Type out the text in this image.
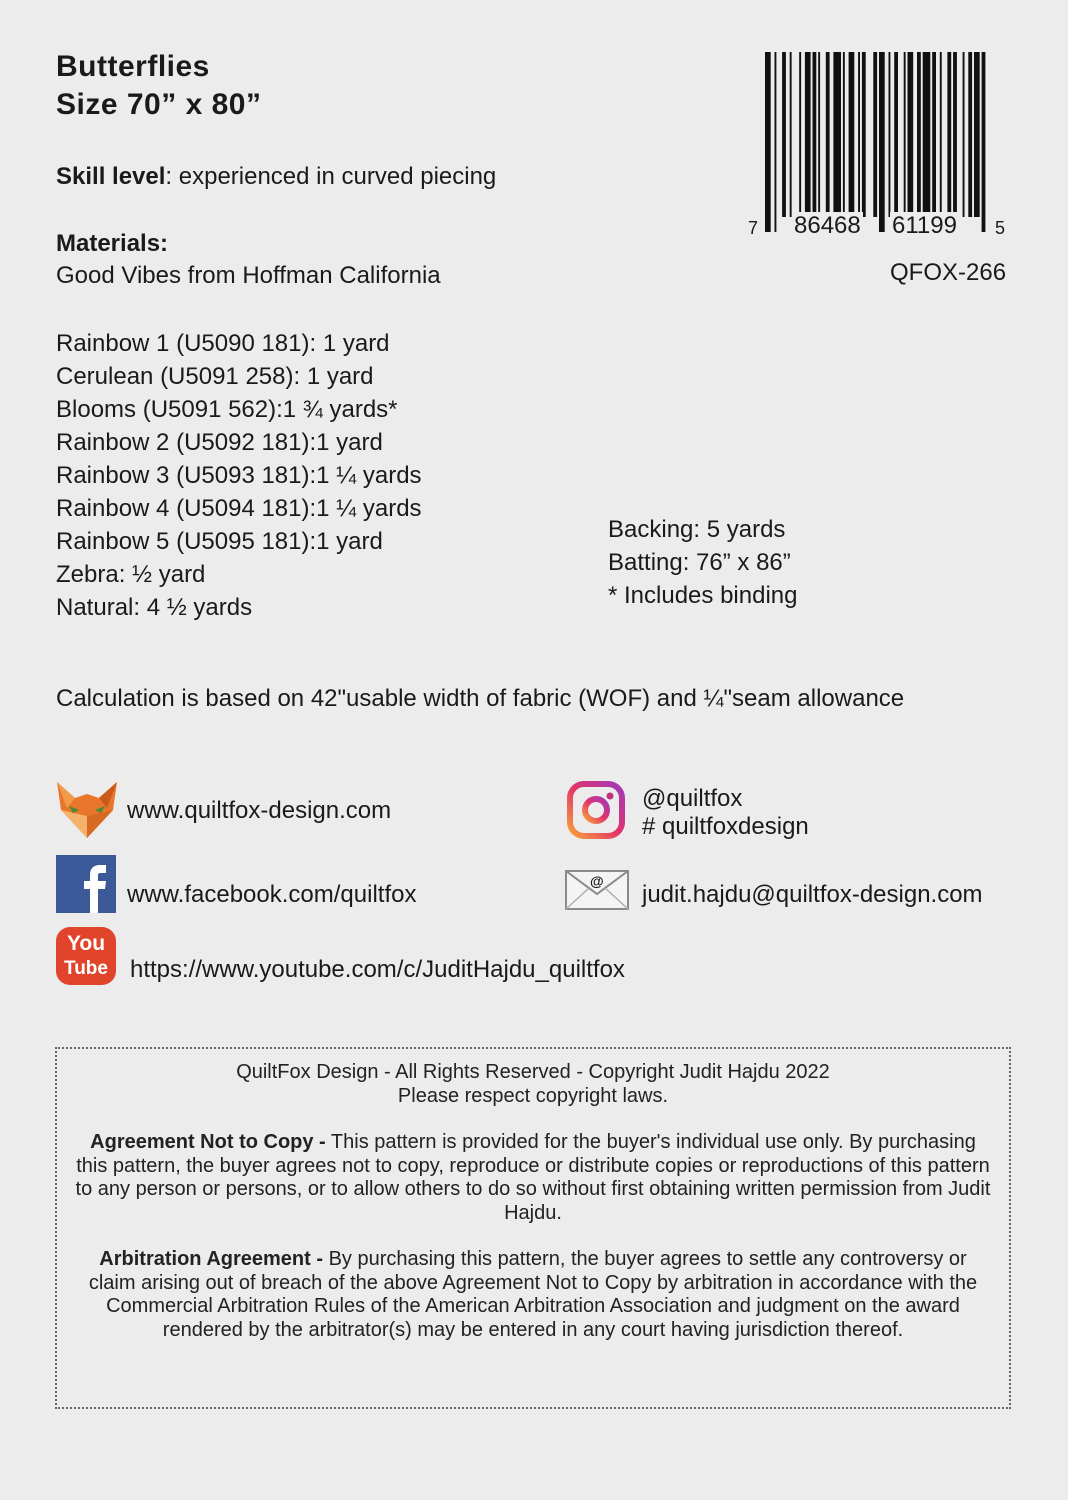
Butterflies
Size 70” x 80”
Skill level: experienced in curved piecing
Materials:
Good Vibes from Hoffman California
Rainbow 1 (U5090 181): 1 yard
Cerulean (U5091 258): 1 yard
Blooms (U5091 562):1 ¾ yards*
Rainbow 2 (U5092 181):1 yard
Rainbow 3 (U5093 181):1 ¼ yards
Rainbow 4 (U5094 181):1 ¼ yards
Rainbow 5 (U5095 181):1 yard
Zebra: ½ yard
Natural: 4 ½ yards
Backing: 5 yards
Batting: 76” x 86”
* Includes binding
Calculation is based on 42"usable width of fabric (WOF) and ¼"seam allowance
7 86468 61199 5
QFOX-266
www.quiltfox-design.com
www.facebook.com/quiltfox
You
Tube https://www.youtube.com/c/JuditHajdu_quiltfox
@quiltfox
# quiltfoxdesign
@ judit.hajdu@quiltfox-design.com

QuiltFox Design - All Rights Reserved - Copyright Judit Hajdu 2022

Please respect copyright laws.

Agreement Not to Copy - This pattern is provided for the buyer's individual use only. By purchasing this pattern, the buyer agrees not to copy, reproduce or distribute copies or reproductions of this pattern to any person or persons, or to allow others to do so without first obtaining written permission from Judit Hajdu.

Arbitration Agreement - By purchasing this pattern, the buyer agrees to settle any controversy or claim arising out of breach of the above Agreement Not to Copy by arbitration in accordance with the Commercial Arbitration Rules of the American Arbitration Association and judgment on the award rendered by the arbitrator(s) may be entered in any court having jurisdiction thereof.
